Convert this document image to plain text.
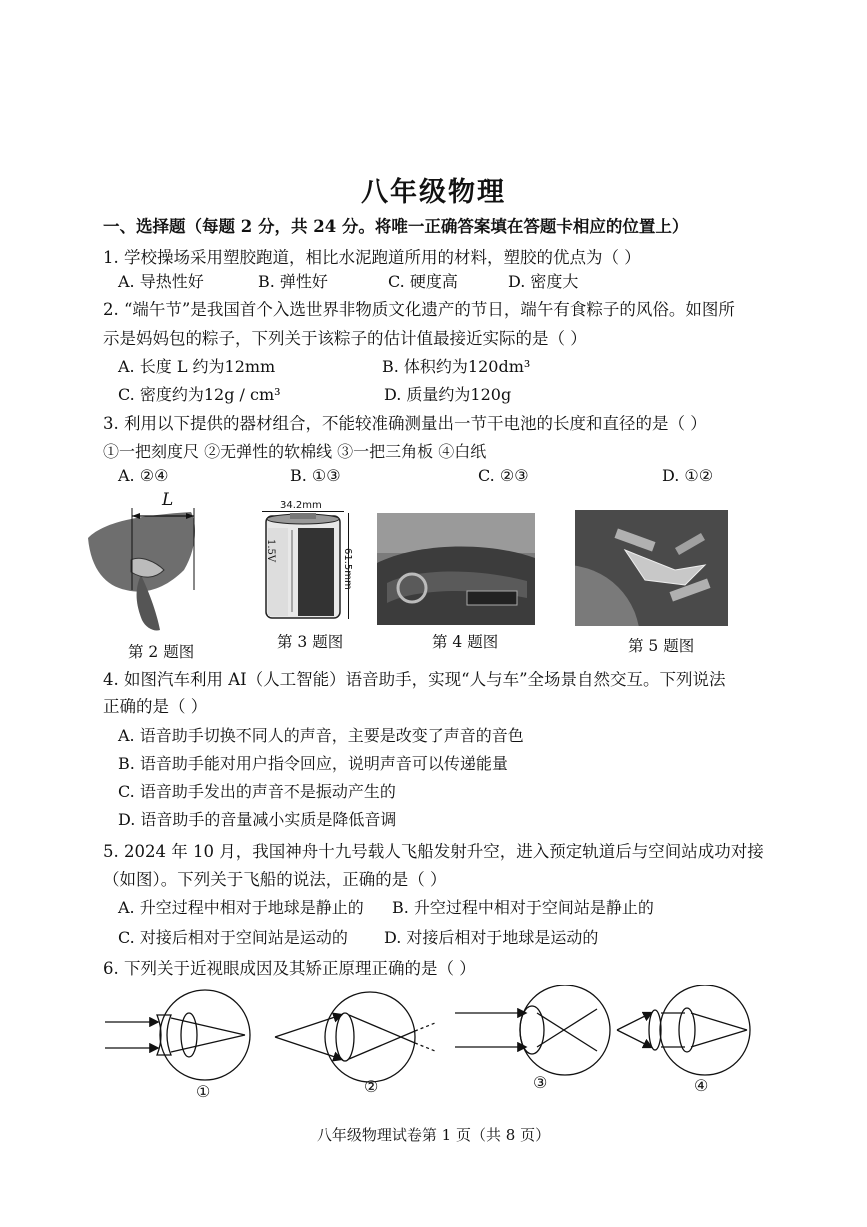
八年级物理
一、选择题（每题 2 分，共 24 分。将唯一正确答案填在答题卡相应的位置上）
1. 学校操场采用塑胶跑道，相比水泥跑道所用的材料，塑胶的优点为（ ）
A. 导热性好	B. 弹性好	C. 硬度高	D. 密度大
2. “端午节”是我国首个入选世界非物质文化遗产的节日，端午有食粽子的风俗。如图所
示是妈妈包的粽子，下列关于该粽子的估计值最接近实际的是（ ）
A. 长度 L 约为12mm	B. 体积约为120dm³
C. 密度约为12g / cm³	D. 质量约为120g
3. 利用以下提供的器材组合，不能较准确测量出一节干电池的长度和直径的是（ ）
①一把刻度尺 ②无弹性的软棉线 ③一把三角板 ④白纸
A. ②④	B. ①③	C. ②③	D. ①②
L
第 2 题图
1.5V
34.2mm
61.5mm
第 3 题图	第 4 题图	第 5 题图
4. 如图汽车利用 AI（人工智能）语音助手，实现“人与车”全场景自然交互。下列说法
正确的是（ ）
A. 语音助手切换不同人的声音，主要是改变了声音的音色
B. 语音助手能对用户指令回应，说明声音可以传递能量
C. 语音助手发出的声音不是振动产生的
D. 语音助手的音量减小实质是降低音调
5. 2024 年 10 月，我国神舟十九号载人飞船发射升空，进入预定轨道后与空间站成功对接
（如图）。下列关于飞船的说法，正确的是（ ）
A. 升空过程中相对于地球是静止的 B. 升空过程中相对于空间站是静止的
C. 对接后相对于空间站是运动的 D. 对接后相对于地球是运动的
6. 下列关于近视眼成因及其矫正原理正确的是（ ）
①	②	③	④
八年级物理试卷第 1 页（共 8 页）
